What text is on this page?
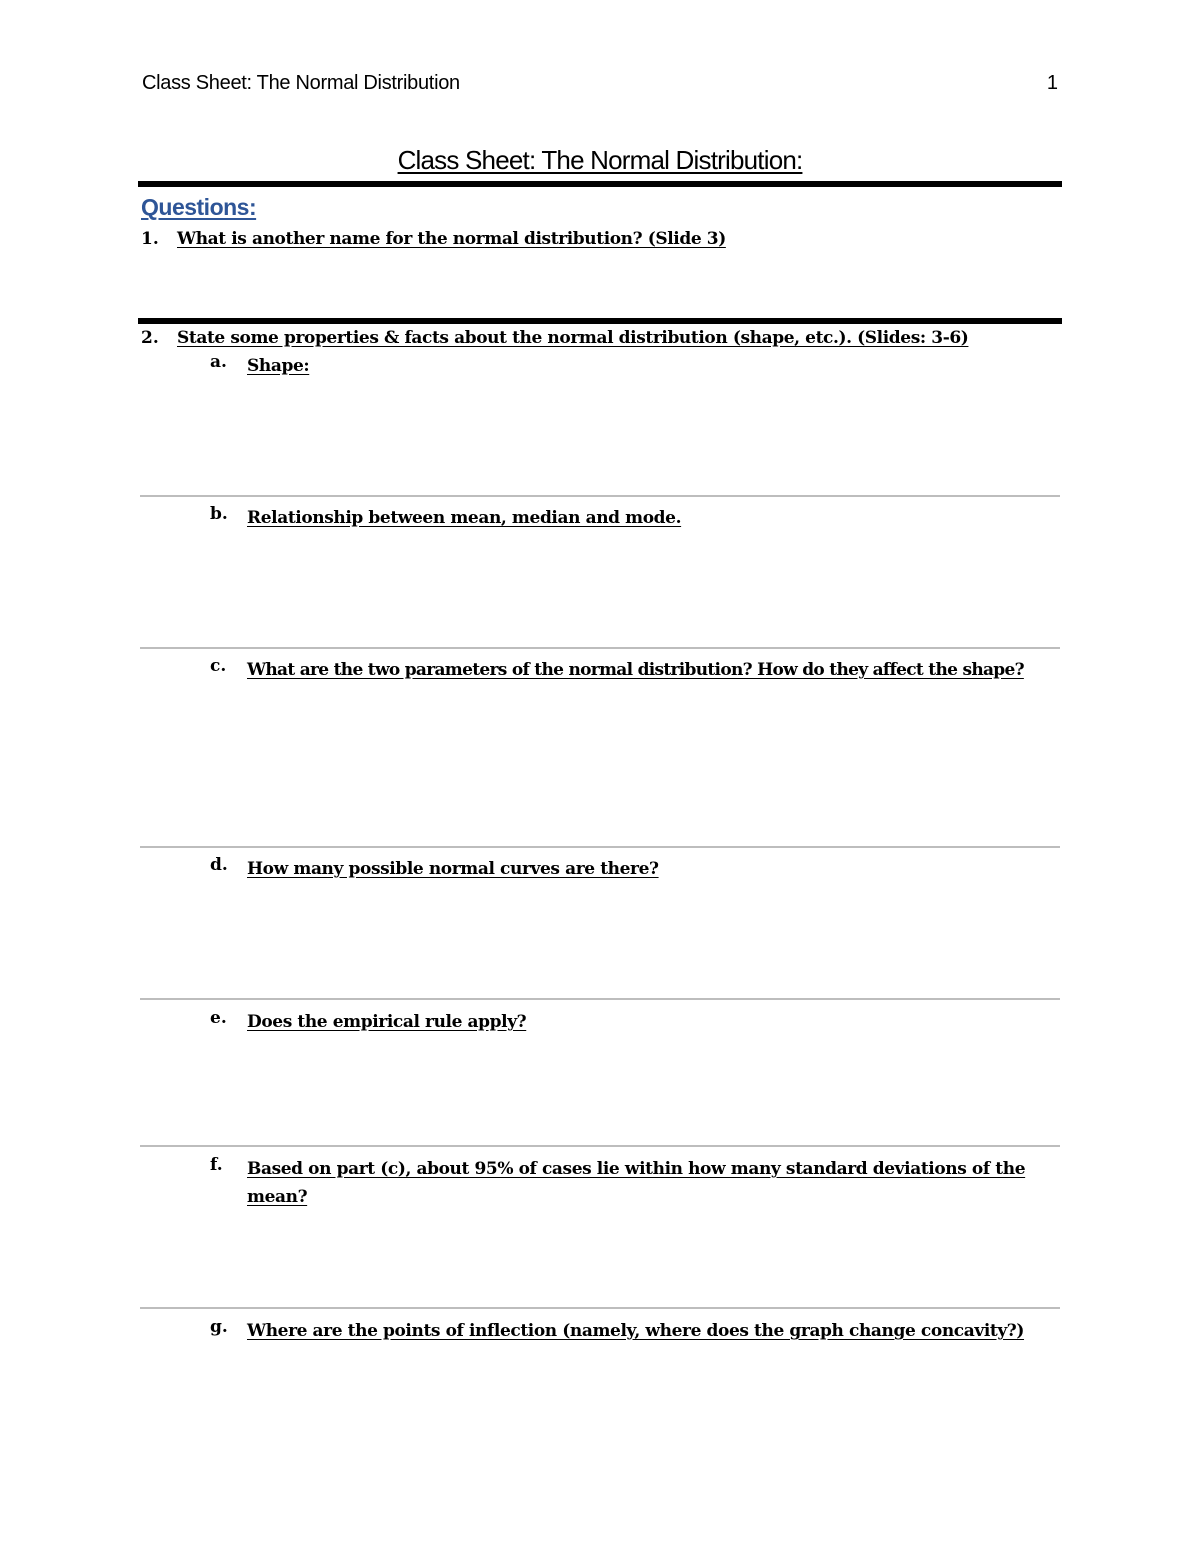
Class Sheet: The Normal Distribution	1
Class Sheet: The Normal Distribution:
Questions:
1. What is another name for the normal distribution? (Slide 3)
2. State some properties & facts about the normal distribution (shape, etc.). (Slides: 3-6)
a. Shape:
b. Relationship between mean, median and mode.
c. What are the two parameters of the normal distribution? How do they affect the shape?
d. How many possible normal curves are there?
e. Does the empirical rule apply?
f. Based on part (c), about 95% of cases lie within how many standard deviations of the mean?
g. Where are the points of inflection (namely, where does the graph change concavity?)
